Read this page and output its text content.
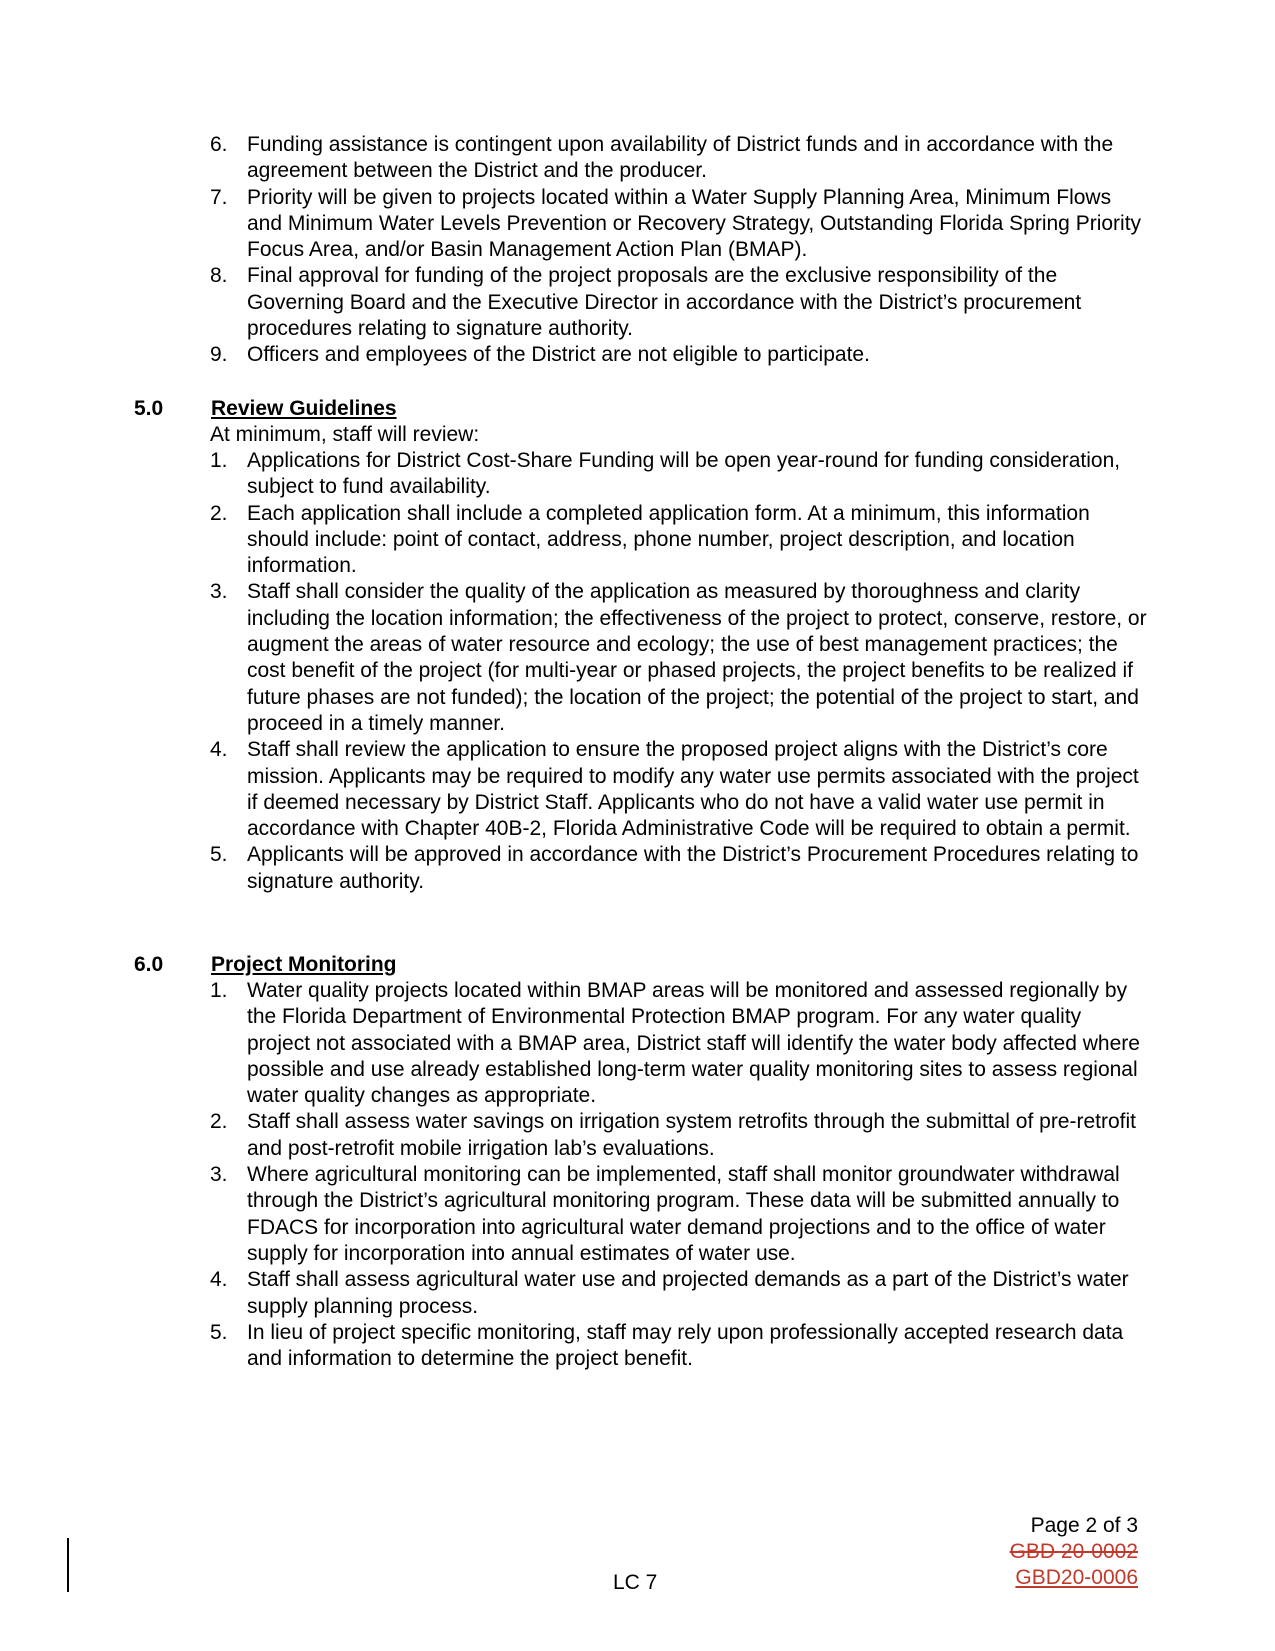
6. Funding assistance is contingent upon availability of District funds and in accordance with the agreement between the District and the producer.
7. Priority will be given to projects located within a Water Supply Planning Area, Minimum Flows and Minimum Water Levels Prevention or Recovery Strategy, Outstanding Florida Spring Priority Focus Area, and/or Basin Management Action Plan (BMAP).
8. Final approval for funding of the project proposals are the exclusive responsibility of the Governing Board and the Executive Director in accordance with the District’s procurement procedures relating to signature authority.
9. Officers and employees of the District are not eligible to participate.
5.0	Review Guidelines
At minimum, staff will review:
1. Applications for District Cost-Share Funding will be open year-round for funding consideration, subject to fund availability.
2. Each application shall include a completed application form. At a minimum, this information should include: point of contact, address, phone number, project description, and location information.
3. Staff shall consider the quality of the application as measured by thoroughness and clarity including the location information; the effectiveness of the project to protect, conserve, restore, or augment the areas of water resource and ecology; the use of best management practices; the cost benefit of the project (for multi-year or phased projects, the project benefits to be realized if future phases are not funded); the location of the project; the potential of the project to start, and proceed in a timely manner.
4. Staff shall review the application to ensure the proposed project aligns with the District’s core mission. Applicants may be required to modify any water use permits associated with the project if deemed necessary by District Staff. Applicants who do not have a valid water use permit in accordance with Chapter 40B-2, Florida Administrative Code will be required to obtain a permit.
5. Applicants will be approved in accordance with the District’s Procurement Procedures relating to signature authority.
6.0	Project Monitoring
1. Water quality projects located within BMAP areas will be monitored and assessed regionally by the Florida Department of Environmental Protection BMAP program. For any water quality project not associated with a BMAP area, District staff will identify the water body affected where possible and use already established long-term water quality monitoring sites to assess regional water quality changes as appropriate.
2. Staff shall assess water savings on irrigation system retrofits through the submittal of pre-retrofit and post-retrofit mobile irrigation lab’s evaluations.
3. Where agricultural monitoring can be implemented, staff shall monitor groundwater withdrawal through the District’s agricultural monitoring program. These data will be submitted annually to FDACS for incorporation into agricultural water demand projections and to the office of water supply for incorporation into annual estimates of water use.
4. Staff shall assess agricultural water use and projected demands as a part of the District’s water supply planning process.
5. In lieu of project specific monitoring, staff may rely upon professionally accepted research data and information to determine the project benefit.
Page 2 of 3
GBD 20-0002
GBD20-0006
LC 7
